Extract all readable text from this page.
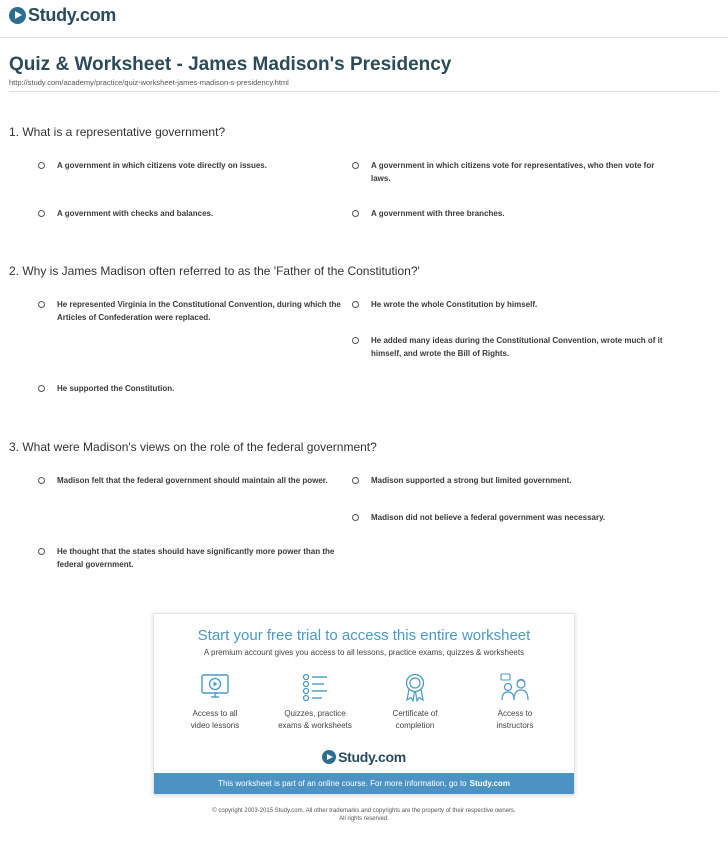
Study.com
Quiz & Worksheet - James Madison's Presidency
http://study.com/academy/practice/quiz-worksheet-james-madison-s-presidency.html
1. What is a representative government?
A government in which citizens vote directly on issues.	A government in which citizens vote for representatives, who then vote for laws.
A government with checks and balances.	A government with three branches.
2. Why is James Madison often referred to as the 'Father of the Constitution?'
He represented Virginia in the Constitutional Convention, during which the Articles of Confederation were replaced.
He wrote the whole Constitution by himself.
He added many ideas during the Constitutional Convention, wrote much of it himself, and wrote the Bill of Rights.
He supported the Constitution.
3. What were Madison's views on the role of the federal government?
Madison felt that the federal government should maintain all the power.	Madison supported a strong but limited government.
Madison did not believe a federal government was necessary.
He thought that the states should have significantly more power than the federal government.
Start your free trial to access this entire worksheet
A premium account gives you access to all lessons, practice exams, quizzes & worksheets
Access to all
video lessons
Quizzes, practice
exams & worksheets
Certificate of
completion
Access to
instructors
Study.com
This worksheet is part of an online course. For more information, go to Study.com
© copyright 2003-2015 Study.com. All other trademarks and copyrights are the property of their respective owners.
All rights reserved.
